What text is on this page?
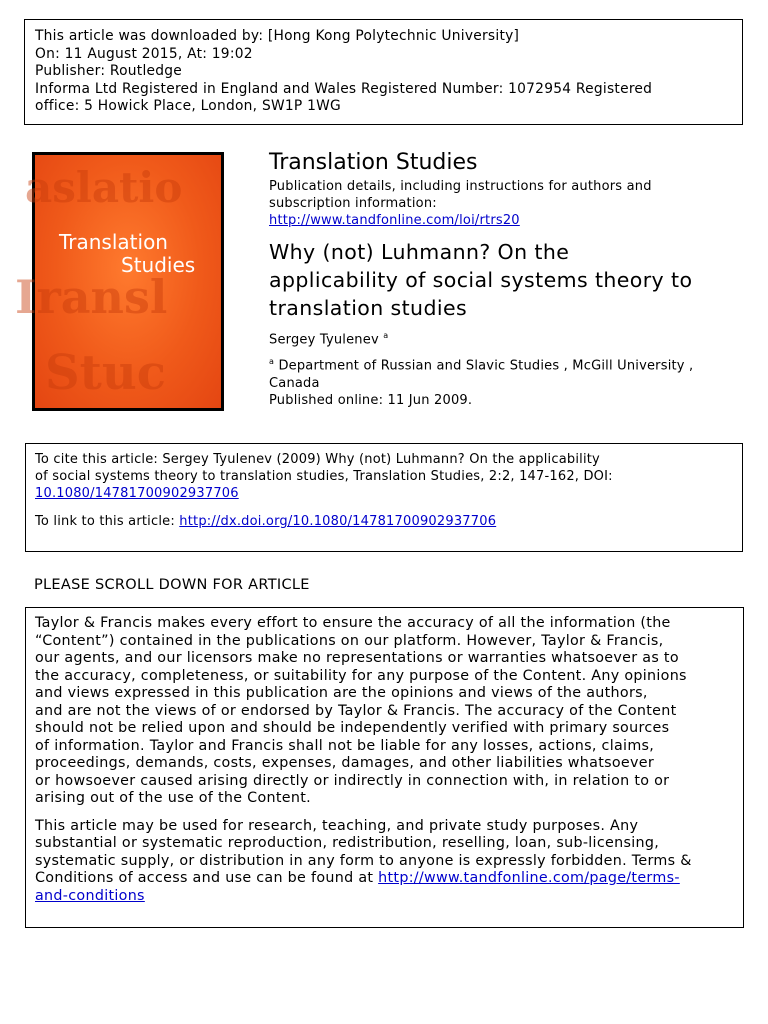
This article was downloaded by: [Hong Kong Polytechnic University]
On: 11 August 2015, At: 19:02
Publisher: Routledge
Informa Ltd Registered in England and Wales Registered Number: 1072954 Registered
office: 5 Howick Place, London, SW1P 1WG
aslatio
Iransl
Stuc
Translation
Studies
Translation Studies
Publication details, including instructions for authors and
subscription information:
http://www.tandfonline.com/loi/rtrs20
Why (not) Luhmann? On the
applicability of social systems theory to
translation studies
Sergey Tyulenev $^a$
$^a$ Department of Russian and Slavic Studies , McGill University ,
Canada
Published online: 11 Jun 2009.
To cite this article: Sergey Tyulenev (2009) Why (not) Luhmann? On the applicability
of social systems theory to translation studies, Translation Studies, 2:2, 147-162, DOI:
10.1080/14781700902937706
To link to this article: http://dx.doi.org/10.1080/14781700902937706
PLEASE SCROLL DOWN FOR ARTICLE
Taylor & Francis makes every effort to ensure the accuracy of all the information (the
“Content”) contained in the publications on our platform. However, Taylor & Francis,
our agents, and our licensors make no representations or warranties whatsoever as to
the accuracy, completeness, or suitability for any purpose of the Content. Any opinions
and views expressed in this publication are the opinions and views of the authors,
and are not the views of or endorsed by Taylor & Francis. The accuracy of the Content
should not be relied upon and should be independently verified with primary sources
of information. Taylor and Francis shall not be liable for any losses, actions, claims,
proceedings, demands, costs, expenses, damages, and other liabilities whatsoever
or howsoever caused arising directly or indirectly in connection with, in relation to or
arising out of the use of the Content.
This article may be used for research, teaching, and private study purposes. Any
substantial or systematic reproduction, redistribution, reselling, loan, sub-licensing,
systematic supply, or distribution in any form to anyone is expressly forbidden. Terms &
Conditions of access and use can be found at http://www.tandfonline.com/page/terms-
and-conditions
